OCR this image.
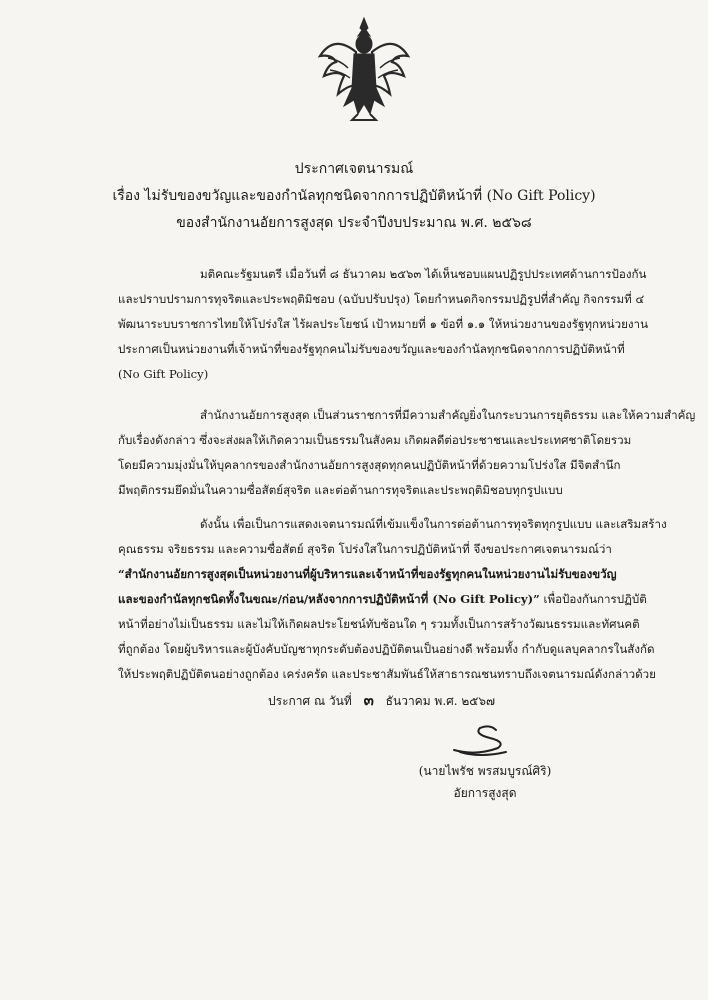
ประกาศเจตนารมณ์
เรื่อง ไม่รับของขวัญและของกำนัลทุกชนิดจากการปฏิบัติหน้าที่ (No Gift Policy)
ของสำนักงานอัยการสูงสุด ประจำปีงบประมาณ พ.ศ. ๒๕๖๘

มติคณะรัฐมนตรี เมื่อวันที่ ๘ ธันวาคม ๒๕๖๓ ได้เห็นชอบแผนปฏิรูปประเทศด้านการป้องกัน

และปราบปรามการทุจริตและประพฤติมิชอบ (ฉบับปรับปรุง) โดยกำหนดกิจกรรมปฏิรูปที่สำคัญ กิจกรรมที่ ๔

พัฒนาระบบราชการไทยให้โปร่งใส ไร้ผลประโยชน์ เป้าหมายที่ ๑ ข้อที่ ๑.๑ ให้หน่วยงานของรัฐทุกหน่วยงาน

ประกาศเป็นหน่วยงานที่เจ้าหน้าที่ของรัฐทุกคนไม่รับของขวัญและของกำนัลทุกชนิดจากการปฏิบัติหน้าที่

(No Gift Policy)

สำนักงานอัยการสูงสุด เป็นส่วนราชการที่มีความสำคัญยิ่งในกระบวนการยุติธรรม และให้ความสำคัญ

กับเรื่องดังกล่าว ซึ่งจะส่งผลให้เกิดความเป็นธรรมในสังคม เกิดผลดีต่อประชาชนและประเทศชาติโดยรวม

โดยมีความมุ่งมั่นให้บุคลากรของสำนักงานอัยการสูงสุดทุกคนปฏิบัติหน้าที่ด้วยความโปร่งใส มีจิตสำนึก

มีพฤติกรรมยึดมั่นในความซื่อสัตย์สุจริต และต่อต้านการทุจริตและประพฤติมิชอบทุกรูปแบบ

ดังนั้น เพื่อเป็นการแสดงเจตนารมณ์ที่เข้มแข็งในการต่อต้านการทุจริตทุกรูปแบบ และเสริมสร้าง

คุณธรรม จริยธรรม และความซื่อสัตย์ สุจริต โปร่งใสในการปฏิบัติหน้าที่ จึงขอประกาศเจตนารมณ์ว่า

“สำนักงานอัยการสูงสุดเป็นหน่วยงานที่ผู้บริหารและเจ้าหน้าที่ของรัฐทุกคนในหน่วยงานไม่รับของขวัญ

และของกำนัลทุกชนิดทั้งในขณะ/ก่อน/หลังจากการปฏิบัติหน้าที่ (No Gift Policy)” เพื่อป้องกันการปฏิบัติ

หน้าที่อย่างไม่เป็นธรรม และไม่ให้เกิดผลประโยชน์ทับซ้อนใด ๆ รวมทั้งเป็นการสร้างวัฒนธรรมและทัศนคติ

ที่ถูกต้อง โดยผู้บริหารและผู้บังคับบัญชาทุกระดับต้องปฏิบัติตนเป็นอย่างดี พร้อมทั้ง กำกับดูแลบุคลากรในสังกัด

ให้ประพฤติปฏิบัติตนอย่างถูกต้อง เคร่งครัด และประชาสัมพันธ์ให้สาธารณชนทราบถึงเจตนารมณ์ดังกล่าวด้วย

ประกาศ ณ วันที่ ๓ ธันวาคม พ.ศ. ๒๕๖๗
(นายไพรัช พรสมบูรณ์ศิริ)
อัยการสูงสุด
